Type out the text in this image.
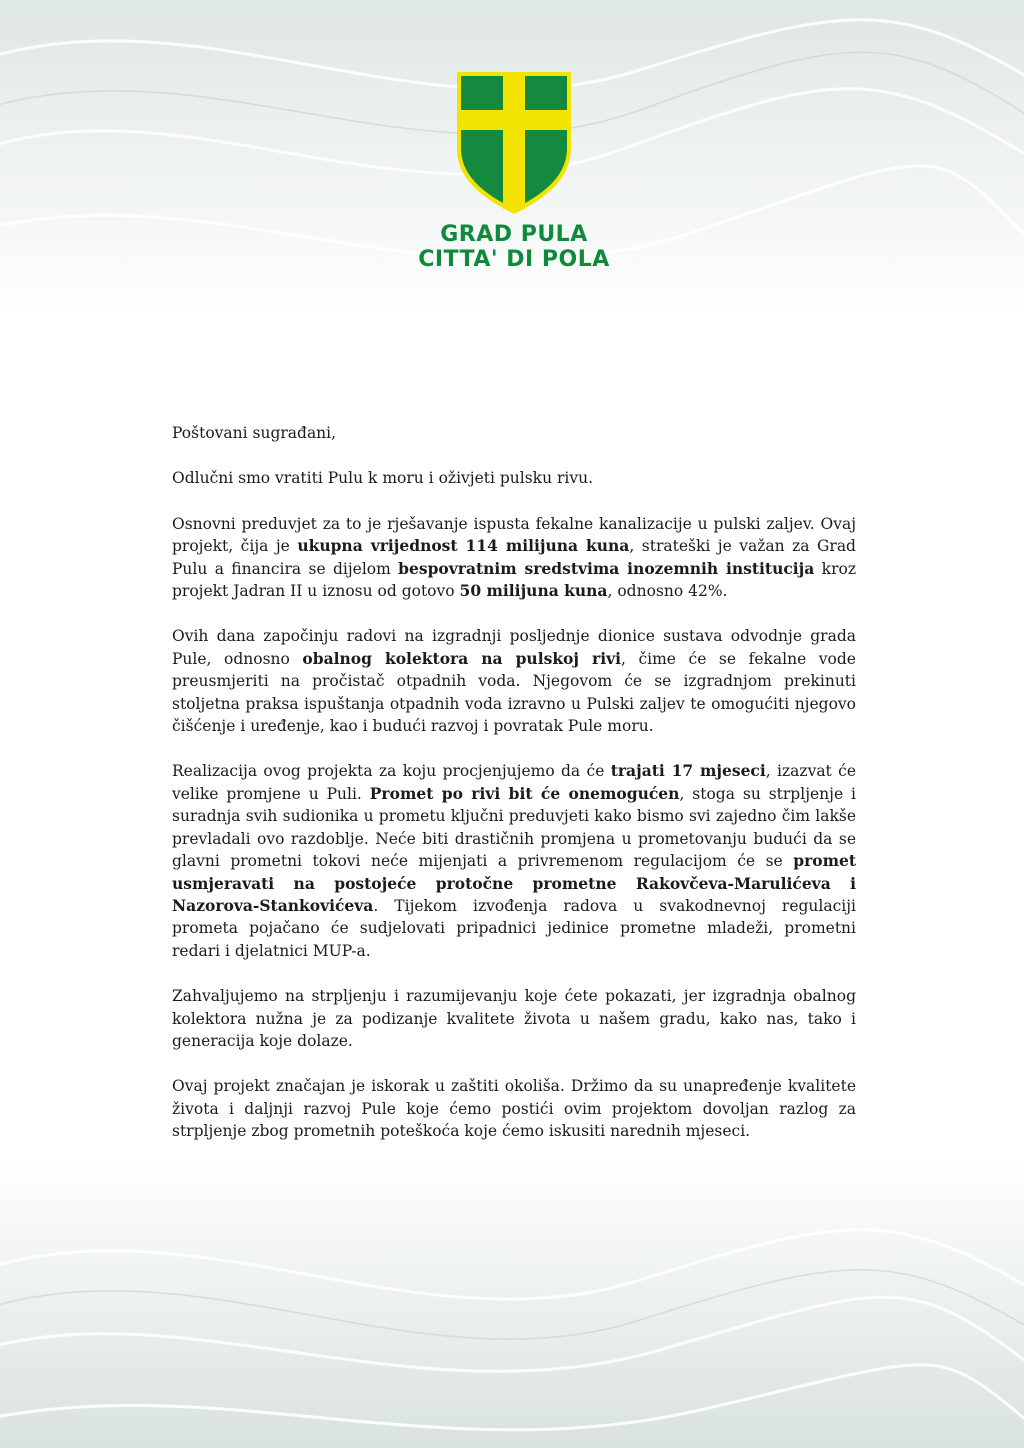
GRAD PULA
CITTA' DI POLA

Poštovani sugrađani,

Odlučni smo vratiti Pulu k moru i oživjeti pulsku rivu.

Osnovni preduvjet za to je rješavanje ispusta fekalne kanalizacije u pulski zaljev. Ovaj projekt, čija je ukupna vrijednost 114 milijuna kuna, strateški je važan za Grad Pulu a financira se dijelom bespovratnim sredstvima inozemnih institucija kroz projekt Jadran II u iznosu od gotovo 50 milijuna kuna, odnosno 42%.

Ovih dana započinju radovi na izgradnji posljednje dionice sustava odvodnje grada Pule, odnosno obalnog kolektora na pulskoj rivi, čime će se fekalne vode preusmjeriti na pročistač otpadnih voda. Njegovom će se izgradnjom prekinuti stoljetna praksa ispuštanja otpadnih voda izravno u Pulski zaljev te omogućiti njegovo čišćenje i uređenje, kao i budući razvoj i povratak Pule moru.

Realizacija ovog projekta za koju procjenjujemo da će trajati 17 mjeseci, izazvat će velike promjene u Puli. Promet po rivi bit će onemogućen, stoga su strpljenje i suradnja svih sudionika u prometu ključni preduvjeti kako bismo svi zajedno čim lakše prevladali ovo razdoblje. Neće biti drastičnih promjena u prometovanju budući da se glavni prometni tokovi neće mijenjati a privremenom regulacijom će se promet usmjeravati na postojeće protočne prometne Rakovčeva-Marulićeva i Nazorova-Stankovićeva. Tijekom izvođenja radova u svakodnevnoj regulaciji prometa pojačano će sudjelovati pripadnici jedinice prometne mladeži, prometni redari i djelatnici MUP-a.

Zahvaljujemo na strpljenju i razumijevanju koje ćete pokazati, jer izgradnja obalnog kolektora nužna je za podizanje kvalitete života u našem gradu, kako nas, tako i generacija koje dolaze.

Ovaj projekt značajan je iskorak u zaštiti okoliša. Držimo da su unapređenje kvalitete života i daljnji razvoj Pule koje ćemo postići ovim projektom dovoljan razlog za strpljenje zbog prometnih poteškoća koje ćemo iskusiti narednih mjeseci.
